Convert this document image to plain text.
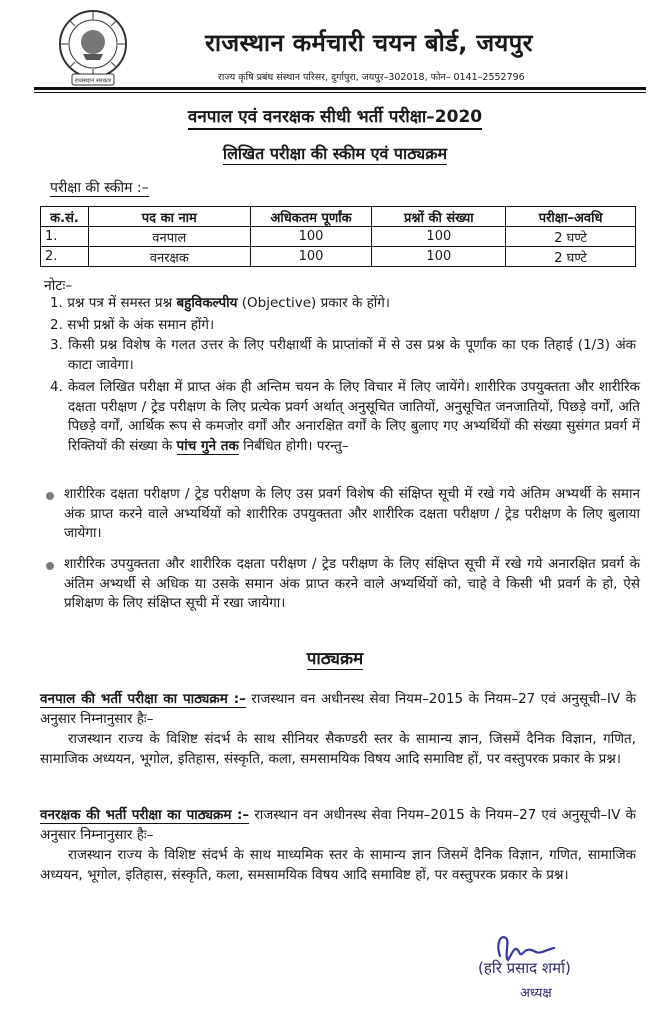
राजस्थान सरकार
राजस्थान कर्मचारी चयन बोर्ड, जयपुर
राज्य कृषि प्रबंध संस्थान परिसर, दुर्गापुरा, जयपुर–302018, फोन– 0141–2552796
वनपाल एवं वनरक्षक सीधी भर्ती परीक्षा–2020
लिखित परीक्षा की स्कीम एवं पाठ्यक्रम
परीक्षा की स्कीम :–
क.सं.	पद का नाम	अधिकतम पूर्णांक	प्रश्नों की संख्या	परीक्षा–अवधि
1.	वनपाल	100	100	2 घण्टे
2.	वनरक्षक	100	100	2 घण्टे
नोटः–
1. प्रश्न पत्र में समस्त प्रश्न बहुविकल्पीय (Objective) प्रकार के होंगे।
2. सभी प्रश्नों के अंक समान होंगे।
3. किसी प्रश्न विशेष के गलत उत्तर के लिए परीक्षार्थी के प्राप्तांकों में से उस प्रश्न के पूर्णांक का एक तिहाई (1/3) अंक काटा जावेगा।
4. केवल लिखित परीक्षा में प्राप्त अंक ही अन्तिम चयन के लिए विचार में लिए जायेंगे। शारीरिक उपयुक्तता और शारीरिक दक्षता परीक्षण / ट्रेड परीक्षण के लिए प्रत्येक प्रवर्ग अर्थात् अनुसूचित जातियों, अनुसूचित जनजातियों, पिछड़े वर्गों, अति पिछड़े वर्गों, आर्थिक रूप से कमजोर वर्गों और अनारक्षित वर्गों के लिए बुलाए गए अभ्यर्थियों की संख्या सुसंगत प्रवर्ग में रिक्तियों की संख्या के पांच गुने तक निर्बंधित होगी। परन्तु–
शारीरिक दक्षता परीक्षण / ट्रेड परीक्षण के लिए उस प्रवर्ग विशेष की संक्षिप्त सूची में रखे गये अंतिम अभ्यर्थी के समान अंक प्राप्त करने वाले अभ्यर्थियों को शारीरिक उपयुक्तता और शारीरिक दक्षता परीक्षण / ट्रेड परीक्षण के लिए बुलाया जायेगा।
शारीरिक उपयुक्तता और शारीरिक दक्षता परीक्षण / ट्रेड परीक्षण के लिए संक्षिप्त सूची में रखे गये अनारक्षित प्रवर्ग के अंतिम अभ्यर्थी से अधिक या उसके समान अंक प्राप्त करने वाले अभ्यर्थियों को, चाहे वे किसी भी प्रवर्ग के हो, ऐसे प्रशिक्षण के लिए संक्षिप्त सूची में रखा जायेगा।
पाठ्यक्रम
वनपाल की भर्ती परीक्षा का पाठ्यक्रम :– राजस्थान वन अधीनस्थ सेवा नियम–2015 के नियम–27 एवं अनुसूची–IV के अनुसार निम्नानुसार हैः–
राजस्थान राज्य के विशिष्ट संदर्भ के साथ सीनियर सैकण्डरी स्तर के सामान्य ज्ञान, जिसमें दैनिक विज्ञान, गणित, सामाजिक अध्ययन, भूगोल, इतिहास, संस्कृति, कला, समसामयिक विषय आदि समाविष्ट हों, पर वस्तुपरक प्रकार के प्रश्न।
वनरक्षक की भर्ती परीक्षा का पाठ्यक्रम :– राजस्थान वन अधीनस्थ सेवा नियम–2015 के नियम–27 एवं अनुसूची–IV के अनुसार निम्नानुसार हैः–
राजस्थान राज्य के विशिष्ट संदर्भ के साथ माध्यमिक स्तर के सामान्य ज्ञान जिसमें दैनिक विज्ञान, गणित, सामाजिक अध्ययन, भूगोल, इतिहास, संस्कृति, कला, समसामयिक विषय आदि समाविष्ट हों, पर वस्तुपरक प्रकार के प्रश्न।
(हरि प्रसाद शर्मा)
अध्यक्ष
